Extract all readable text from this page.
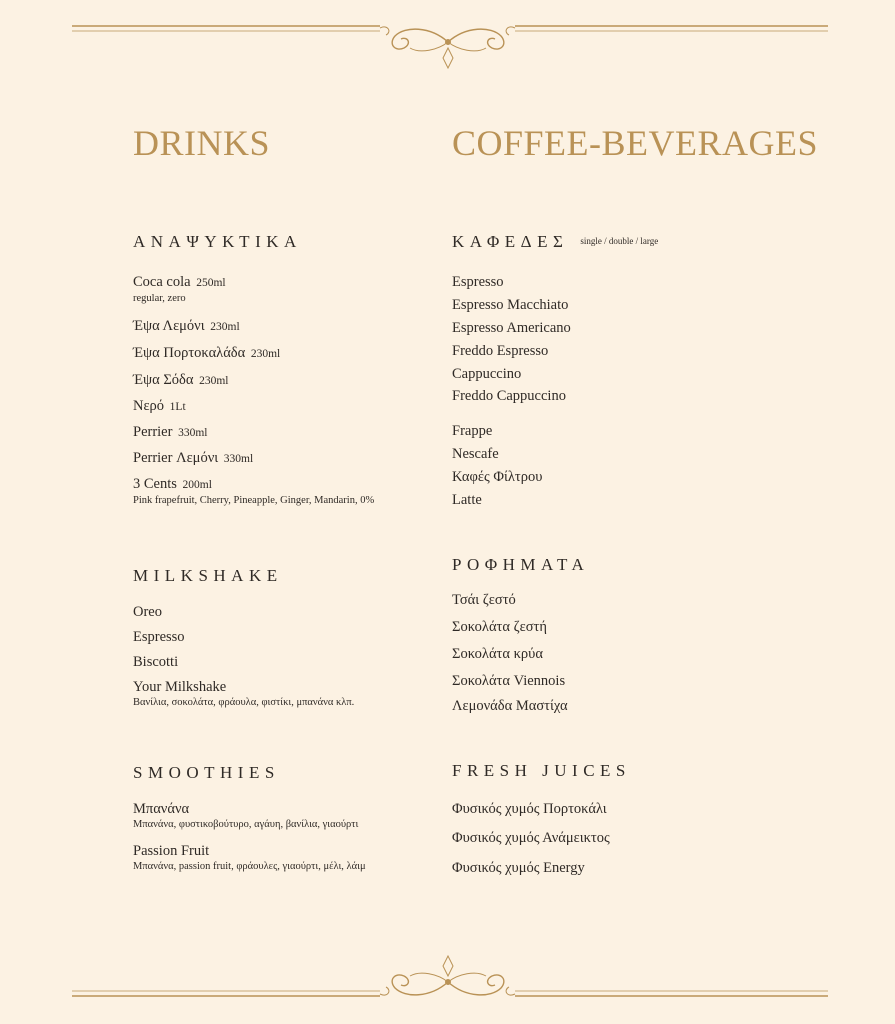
DRINKS
ΑΝΑΨΥΚΤΙΚΑ
Coca cola 250ml
regular, zero
Έψα Λεμόνι 230ml
Έψα Πορτοκαλάδα 230ml
Έψα Σόδα 230ml
Νερό 1Lt
Perrier 330ml
Perrier Λεμόνι 330ml
3 Cents 200ml
Pink frapefruit, Cherry, Pineapple, Ginger, Mandarin, 0%
MILKSHAKE
Oreo
Espresso
Biscotti
Your Milkshake
Βανίλια, σοκολάτα, φράουλα, φιστίκι, μπανάνα κλπ.
SMOOTHIES
Μπανάνα
Μπανάνα, φυστικοβούτυρο, αγάυη, βανίλια, γιαούρτι
Passion Fruit
Μπανάνα, passion fruit, φράουλες, γιαούρτι, μέλι, λάιμ
COFFEE-BEVERAGES
ΚΑΦΕΔΕΣ single / double / large
Espresso
Espresso Macchiato
Espresso Americano
Freddo Espresso
Cappuccino
Freddo Cappuccino
Frappe
Nescafe
Καφές Φίλτρου
Latte
ΡΟΦΗΜΑΤΑ
Τσάι ζεστό
Σοκολάτα ζεστή
Σοκολάτα κρύα
Σοκολάτα Viennois
Λεμονάδα Μαστίχα
FRESH JUICES
Φυσικός χυμός Πορτοκάλι
Φυσικός χυμός Ανάμεικτος
Φυσικός χυμός Energy
